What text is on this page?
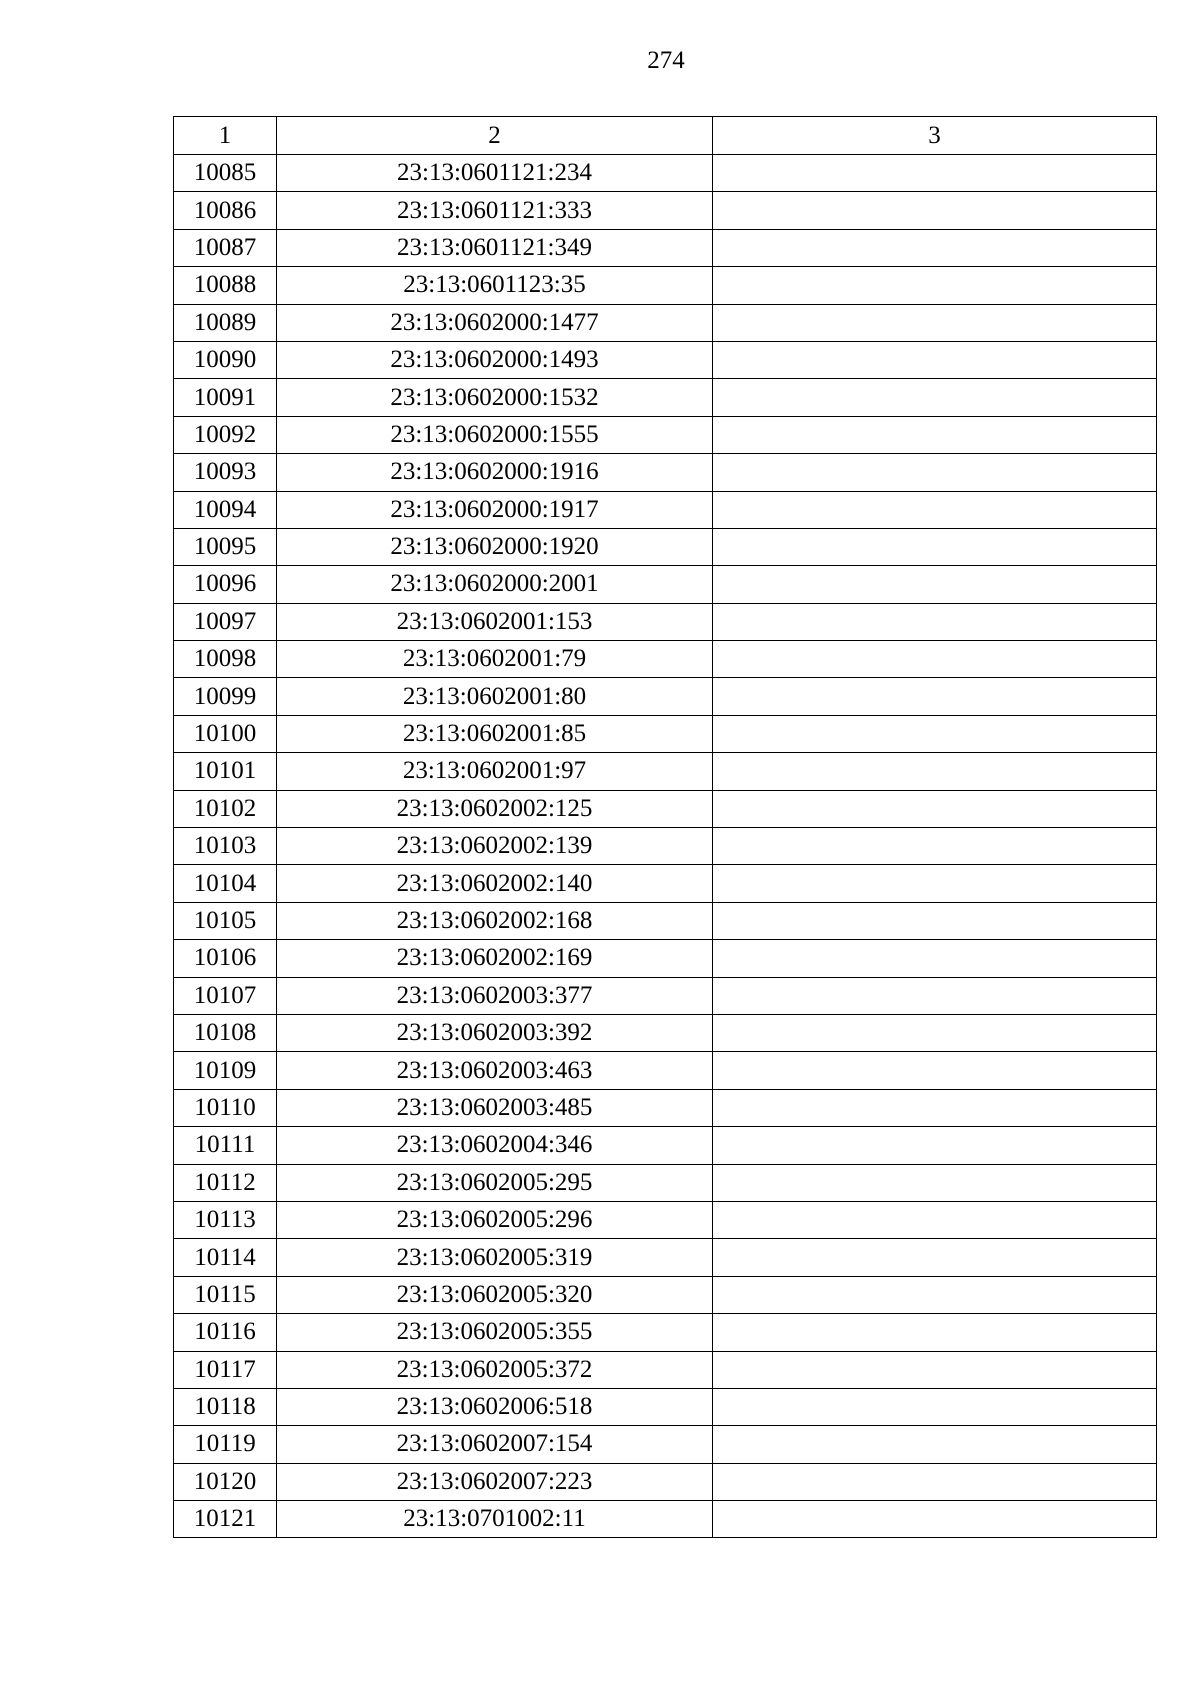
274
1	2	3
10085	23:13:0601121:234	
10086	23:13:0601121:333	
10087	23:13:0601121:349	
10088	23:13:0601123:35	
10089	23:13:0602000:1477	
10090	23:13:0602000:1493	
10091	23:13:0602000:1532	
10092	23:13:0602000:1555	
10093	23:13:0602000:1916	
10094	23:13:0602000:1917	
10095	23:13:0602000:1920	
10096	23:13:0602000:2001	
10097	23:13:0602001:153	
10098	23:13:0602001:79	
10099	23:13:0602001:80	
10100	23:13:0602001:85	
10101	23:13:0602001:97	
10102	23:13:0602002:125	
10103	23:13:0602002:139	
10104	23:13:0602002:140	
10105	23:13:0602002:168	
10106	23:13:0602002:169	
10107	23:13:0602003:377	
10108	23:13:0602003:392	
10109	23:13:0602003:463	
10110	23:13:0602003:485	
10111	23:13:0602004:346	
10112	23:13:0602005:295	
10113	23:13:0602005:296	
10114	23:13:0602005:319	
10115	23:13:0602005:320	
10116	23:13:0602005:355	
10117	23:13:0602005:372	
10118	23:13:0602006:518	
10119	23:13:0602007:154	
10120	23:13:0602007:223	
10121	23:13:0701002:11	
